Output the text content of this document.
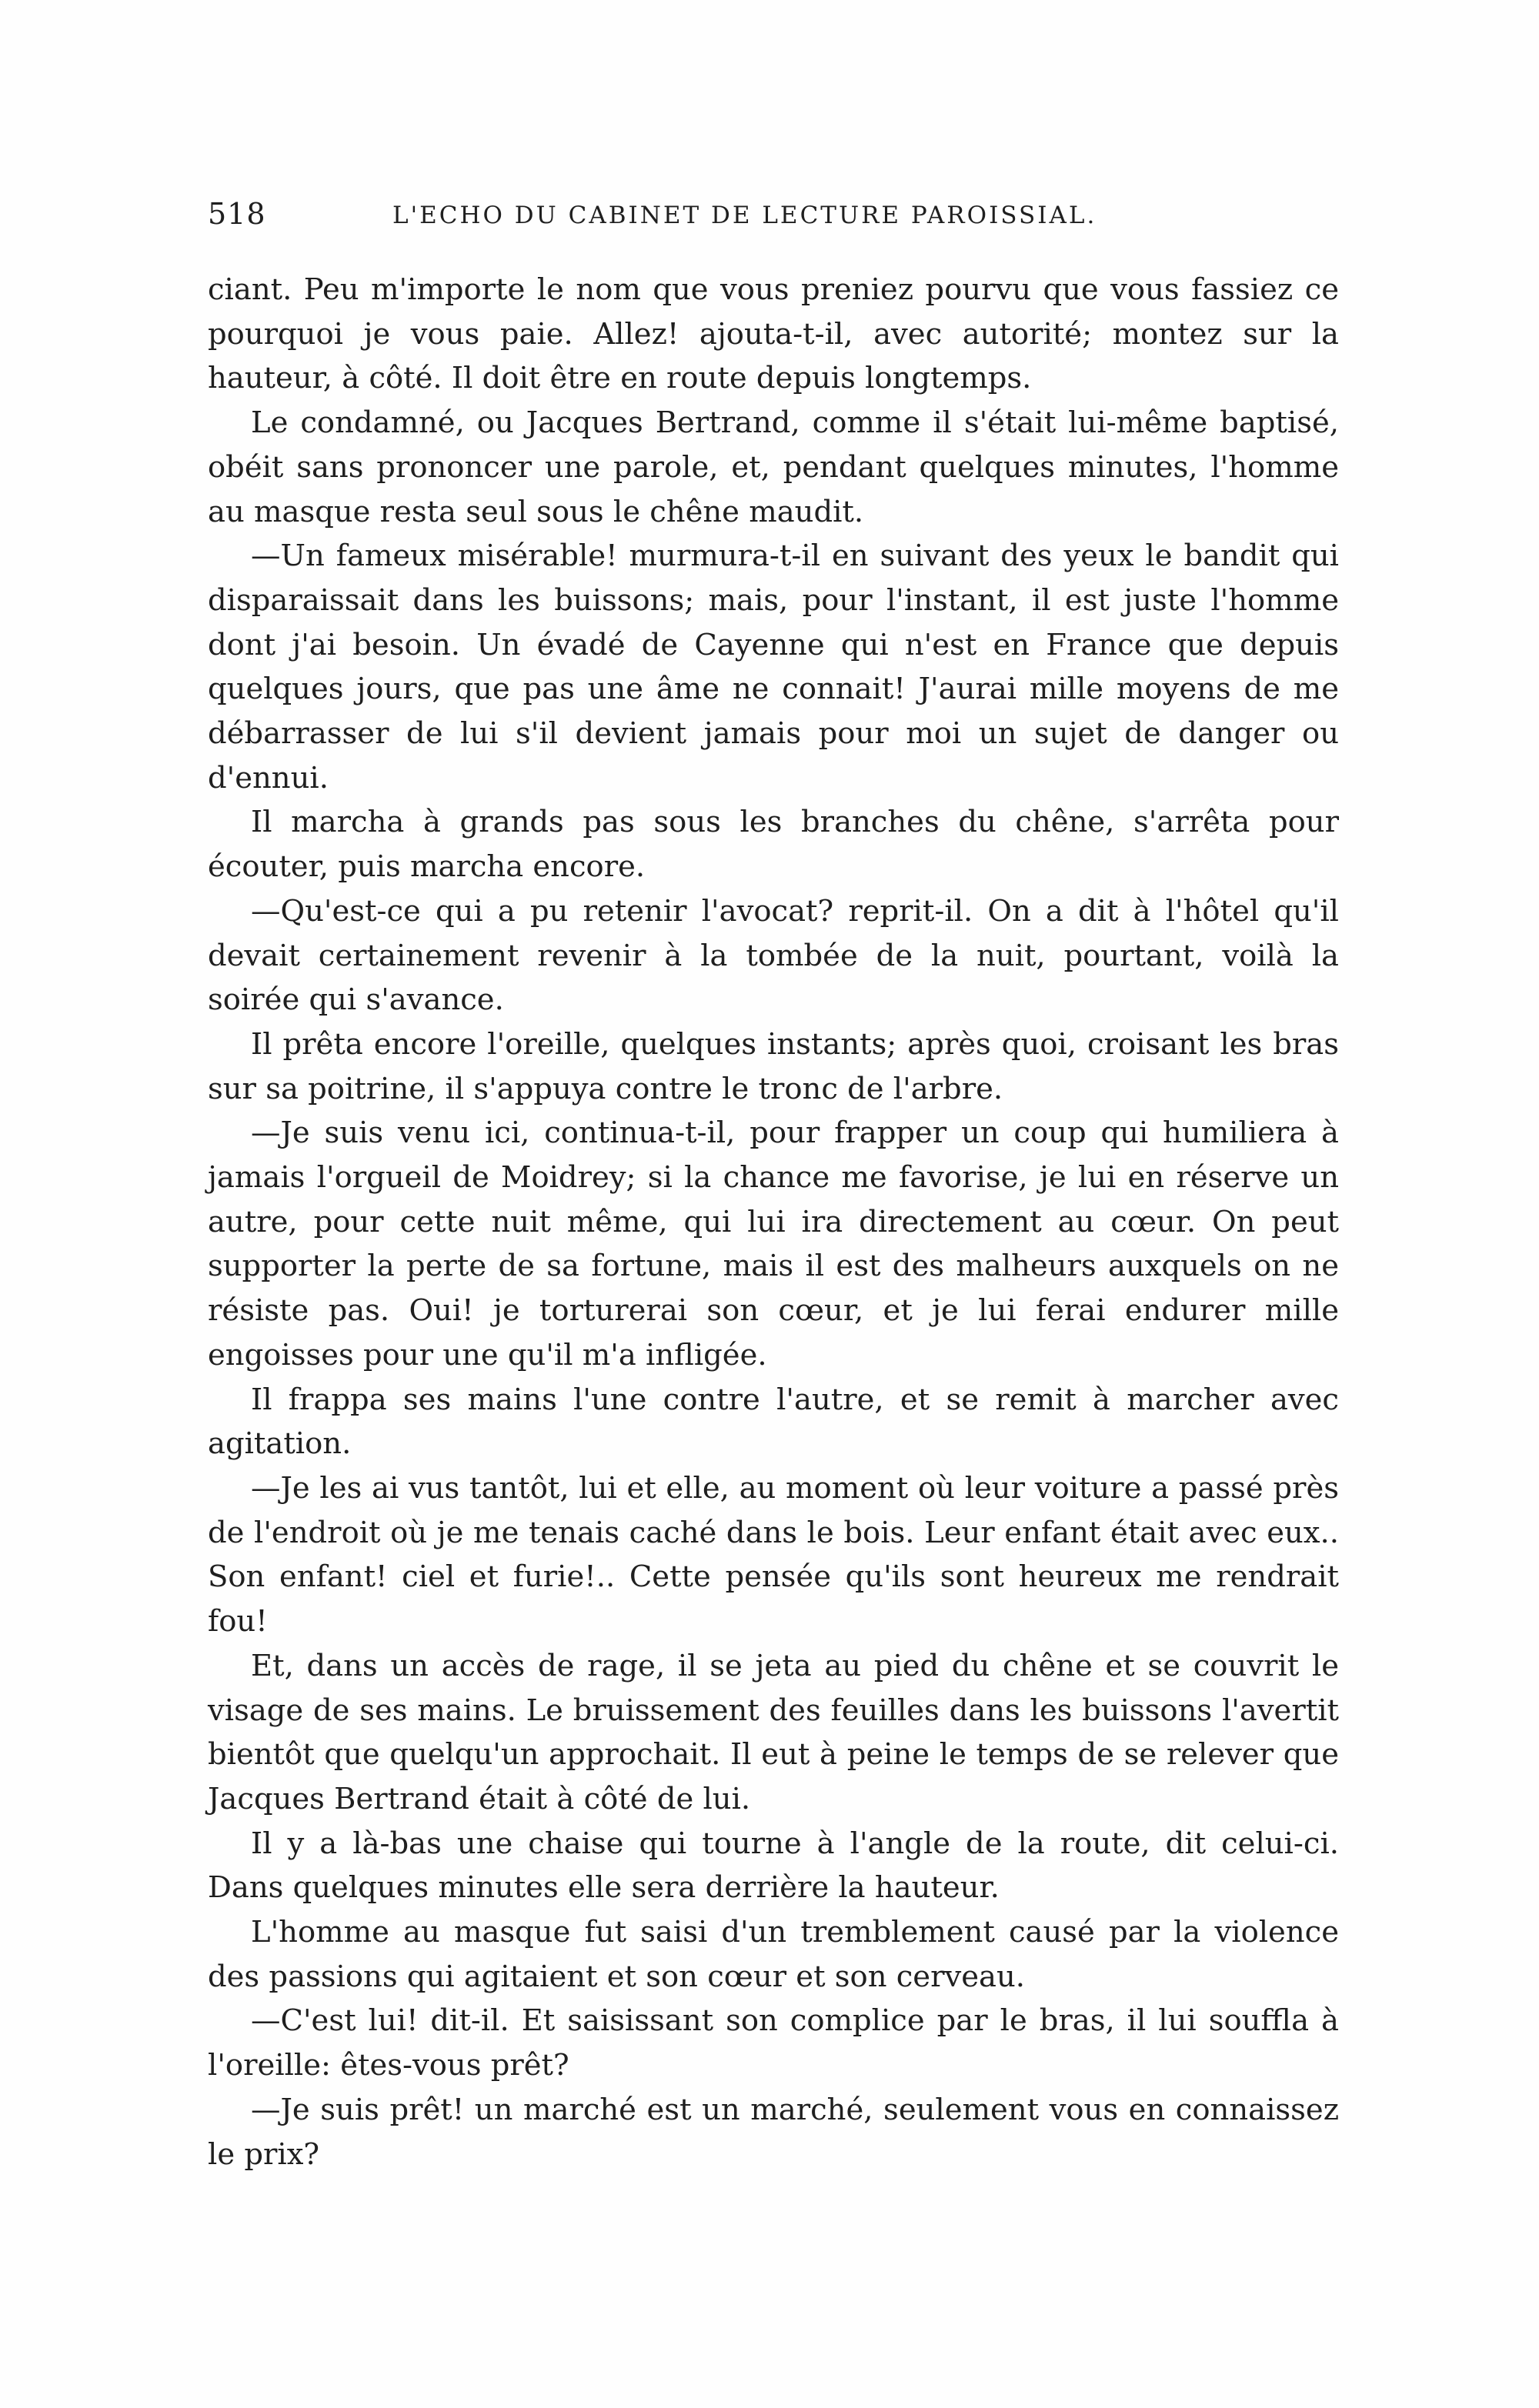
518	L'ECHO DU CABINET DE LECTURE PAROISSIAL.

ciant. Peu m'importe le nom que vous preniez pourvu que vous fassiez ce pourquoi je vous paie. Allez! ajouta-t-il, avec autorité; montez sur la hauteur, à côté. Il doit être en route depuis longtemps.

Le condamné, ou Jacques Bertrand, comme il s'était lui-même baptisé, obéit sans prononcer une parole, et, pendant quelques minutes, l'homme au masque resta seul sous le chêne maudit.

—Un fameux misérable! murmura-t-il en suivant des yeux le bandit qui disparaissait dans les buissons; mais, pour l'instant, il est juste l'homme dont j'ai besoin. Un évadé de Cayenne qui n'est en France que depuis quelques jours, que pas une âme ne connait! J'aurai mille moyens de me débarrasser de lui s'il devient jamais pour moi un sujet de danger ou d'ennui.

Il marcha à grands pas sous les branches du chêne, s'arrêta pour écouter, puis marcha encore.

—Qu'est-ce qui a pu retenir l'avocat? reprit-il. On a dit à l'hôtel qu'il devait certainement revenir à la tombée de la nuit, pourtant, voilà la soirée qui s'avance.

Il prêta encore l'oreille, quelques instants; après quoi, croisant les bras sur sa poitrine, il s'appuya contre le tronc de l'arbre.

—Je suis venu ici, continua-t-il, pour frapper un coup qui humiliera à jamais l'orgueil de Moidrey; si la chance me favorise, je lui en réserve un autre, pour cette nuit même, qui lui ira directement au cœur. On peut supporter la perte de sa fortune, mais il est des malheurs auxquels on ne résiste pas. Oui! je torturerai son cœur, et je lui ferai endurer mille engoisses pour une qu'il m'a infligée.

Il frappa ses mains l'une contre l'autre, et se remit à marcher avec agitation.

—Je les ai vus tantôt, lui et elle, au moment où leur voiture a passé près de l'endroit où je me tenais caché dans le bois. Leur enfant était avec eux.. Son enfant! ciel et furie!.. Cette pensée qu'ils sont heureux me rendrait fou!

Et, dans un accès de rage, il se jeta au pied du chêne et se couvrit le visage de ses mains. Le bruissement des feuilles dans les buissons l'avertit bientôt que quelqu'un approchait. Il eut à peine le temps de se relever que Jacques Bertrand était à côté de lui.

Il y a là-bas une chaise qui tourne à l'angle de la route, dit celui-ci. Dans quelques minutes elle sera derrière la hauteur.

L'homme au masque fut saisi d'un tremblement causé par la violence des passions qui agitaient et son cœur et son cerveau.

—C'est lui! dit-il. Et saisissant son complice par le bras, il lui souffla à l'oreille: êtes-vous prêt?

—Je suis prêt! un marché est un marché, seulement vous en connaissez le prix?
